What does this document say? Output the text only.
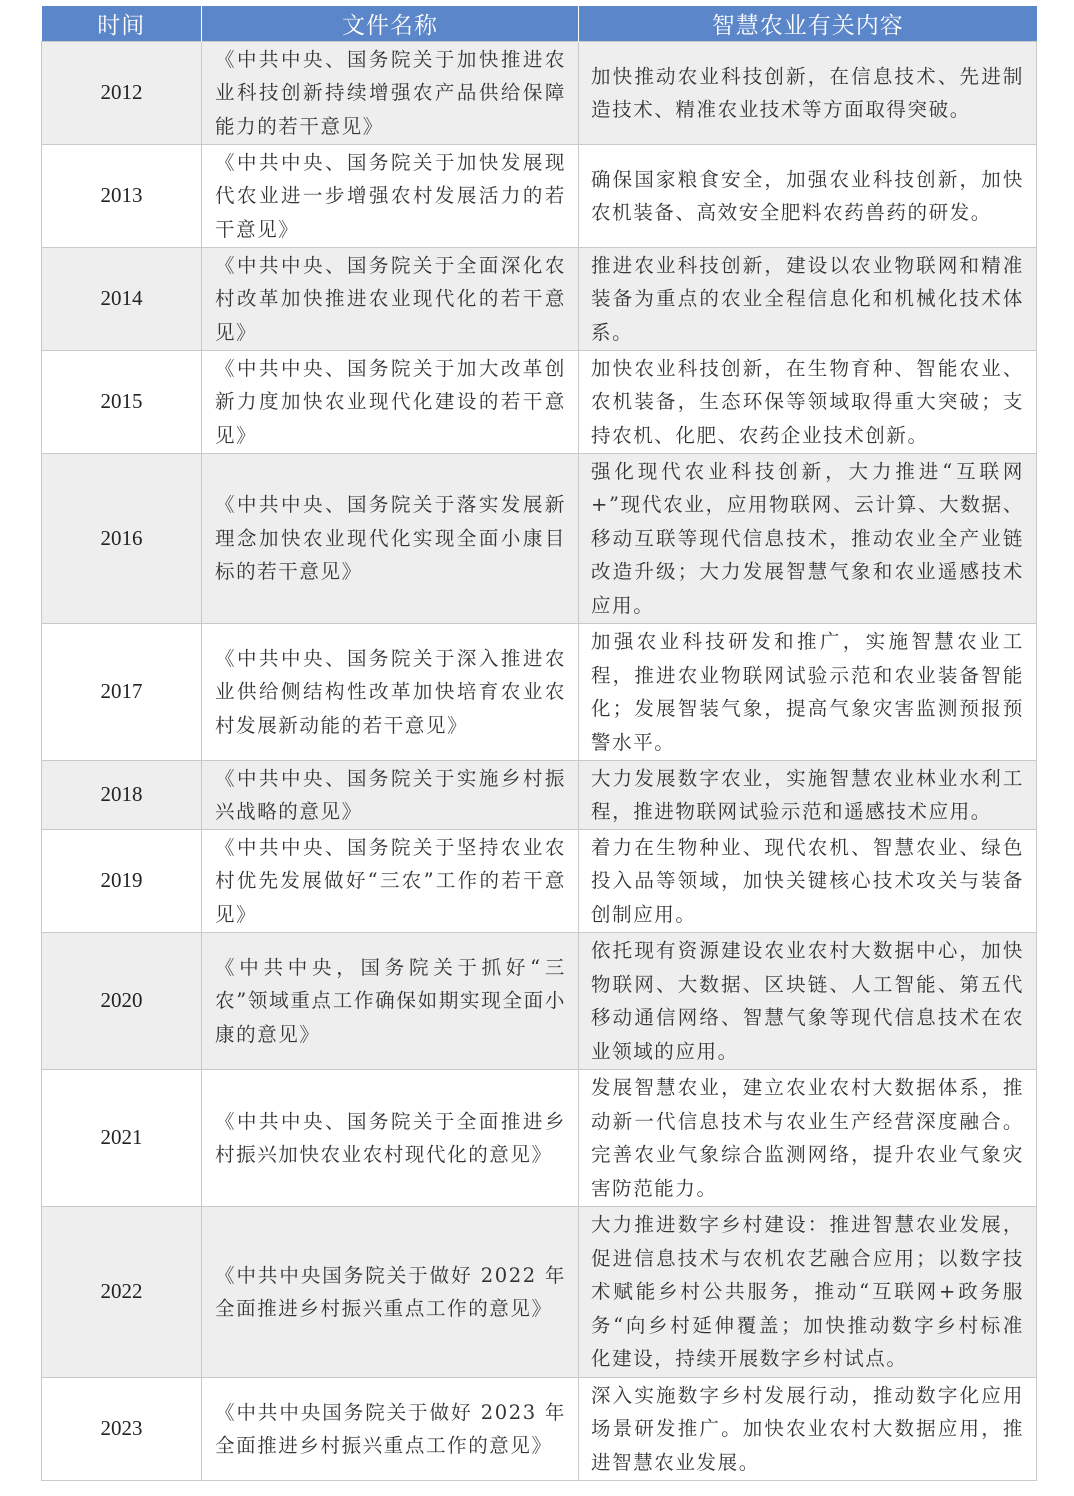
时间	文件名称	智慧农业有关内容
2012	《中共中央、国务院关于加快推进农业科技创新持续增强农产品供给保障能力的若干意见》	加快推动农业科技创新，在信息技术、先进制造技术、精准农业技术等方面取得突破。
2013	《中共中央、国务院关于加快发展现代农业进一步增强农村发展活力的若干意见》	确保国家粮食安全，加强农业科技创新，加快农机装备、高效安全肥料农药兽药的研发。
2014	《中共中央、国务院关于全面深化农村改革加快推进农业现代化的若干意见》	推进农业科技创新，建设以农业物联网和精准装备为重点的农业全程信息化和机械化技术体系。
2015	《中共中央、国务院关于加大改革创新力度加快农业现代化建设的若干意见》	加快农业科技创新，在生物育种、智能农业、农机装备，生态环保等领域取得重大突破；支持农机、化肥、农药企业技术创新。
2016	《中共中央、国务院关于落实发展新理念加快农业现代化实现全面小康目标的若干意见》	强化现代农业科技创新，大力推进“互联网+”现代农业，应用物联网、云计算、大数据、移动互联等现代信息技术，推动农业全产业链改造升级；大力发展智慧气象和农业遥感技术应用。
2017	《中共中央、国务院关于深入推进农业供给侧结构性改革加快培育农业农村发展新动能的若干意见》	加强农业科技研发和推广，实施智慧农业工程，推进农业物联网试验示范和农业装备智能化；发展智装气象，提高气象灾害监测预报预警水平。
2018	《中共中央、国务院关于实施乡村振兴战略的意见》	大力发展数字农业，实施智慧农业林业水利工程，推进物联网试验示范和遥感技术应用。
2019	《中共中央、国务院关于坚持农业农村优先发展做好“三农”工作的若干意见》	着力在生物种业、现代农机、智慧农业、绿色投入品等领域，加快关键核心技术攻关与装备创制应用。
2020	《中共中央，国务院关于抓好“三农”领域重点工作确保如期实现全面小康的意见》	依托现有资源建设农业农村大数据中心，加快物联网、大数据、区块链、人工智能、第五代移动通信网络、智慧气象等现代信息技术在农业领域的应用。
2021	《中共中央、国务院关于全面推进乡村振兴加快农业农村现代化的意见》	发展智慧农业，建立农业农村大数据体系，推动新一代信息技术与农业生产经营深度融合。完善农业气象综合监测网络，提升农业气象灾害防范能力。
2022	《中共中央国务院关于做好 2022 年全面推进乡村振兴重点工作的意见》	大力推进数字乡村建设：推进智慧农业发展，促进信息技术与农机农艺融合应用；以数字技术赋能乡村公共服务，推动“互联网+政务服务“向乡村延伸覆盖；加快推动数字乡村标准化建设，持续开展数字乡村试点。
2023	《中共中央国务院关于做好 2023 年全面推进乡村振兴重点工作的意见》	深入实施数字乡村发展行动，推动数字化应用场景研发推广。加快农业农村大数据应用，推进智慧农业发展。
